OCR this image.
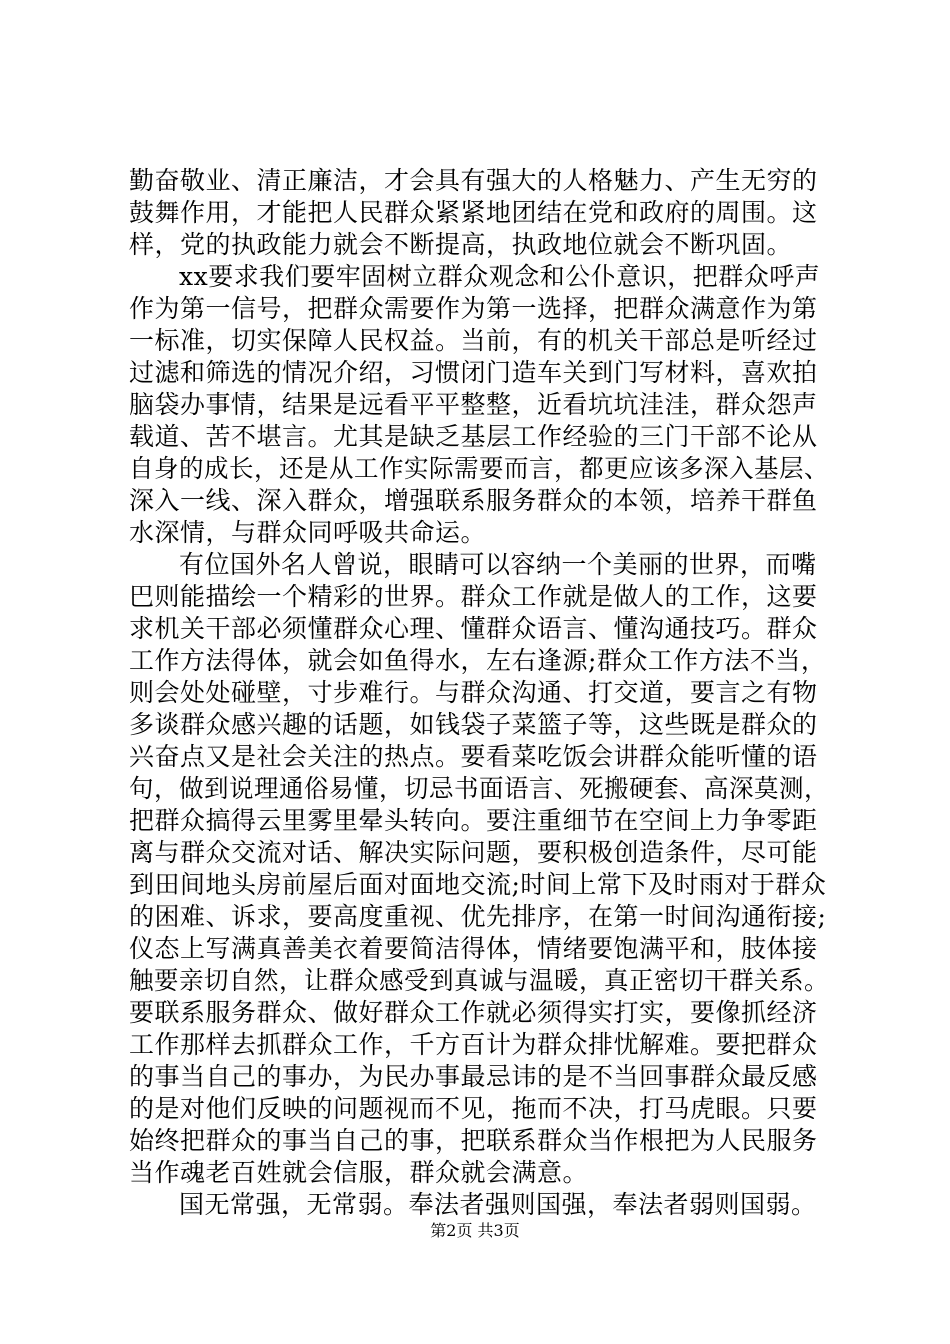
勤奋敬业、清正廉洁，才会具有强大的人格魅力、产生无穷的
鼓舞作用，才能把人民群众紧紧地团结在党和政府的周围。这
样，党的执政能力就会不断提高，执政地位就会不断巩固。
xx要求我们要牢固树立群众观念和公仆意识，把群众呼声
作为第一信号，把群众需要作为第一选择，把群众满意作为第
一标准，切实保障人民权益。当前，有的机关干部总是听经过
过滤和筛选的情况介绍，习惯闭门造车关到门写材料，喜欢拍
脑袋办事情，结果是远看平平整整，近看坑坑洼洼，群众怨声
载道、苦不堪言。尤其是缺乏基层工作经验的三门干部不论从
自身的成长，还是从工作实际需要而言，都更应该多深入基层、
深入一线、深入群众，增强联系服务群众的本领，培养干群鱼
水深情，与群众同呼吸共命运。
有位国外名人曾说，眼睛可以容纳一个美丽的世界，而嘴
巴则能描绘一个精彩的世界。群众工作就是做人的工作，这要
求机关干部必须懂群众心理、懂群众语言、懂沟通技巧。群众
工作方法得体，就会如鱼得水，左右逢源;群众工作方法不当，
则会处处碰壁，寸步难行。与群众沟通、打交道，要言之有物
多谈群众感兴趣的话题，如钱袋子菜篮子等，这些既是群众的
兴奋点又是社会关注的热点。要看菜吃饭会讲群众能听懂的语
句，做到说理通俗易懂，切忌书面语言、死搬硬套、高深莫测，
把群众搞得云里雾里晕头转向。要注重细节在空间上力争零距
离与群众交流对话、解决实际问题，要积极创造条件，尽可能
到田间地头房前屋后面对面地交流;时间上常下及时雨对于群众
的困难、诉求，要高度重视、优先排序，在第一时间沟通衔接;
仪态上写满真善美衣着要简洁得体，情绪要饱满平和，肢体接
触要亲切自然，让群众感受到真诚与温暖，真正密切干群关系。
要联系服务群众、做好群众工作就必须得实打实，要像抓经济
工作那样去抓群众工作，千方百计为群众排忧解难。要把群众
的事当自己的事办，为民办事最忌讳的是不当回事群众最反感
的是对他们反映的问题视而不见，拖而不决，打马虎眼。只要
始终把群众的事当自己的事，把联系群众当作根把为人民服务
当作魂老百姓就会信服，群众就会满意。
国无常强，无常弱。奉法者强则国强，奉法者弱则国弱。
第2页 共3页
